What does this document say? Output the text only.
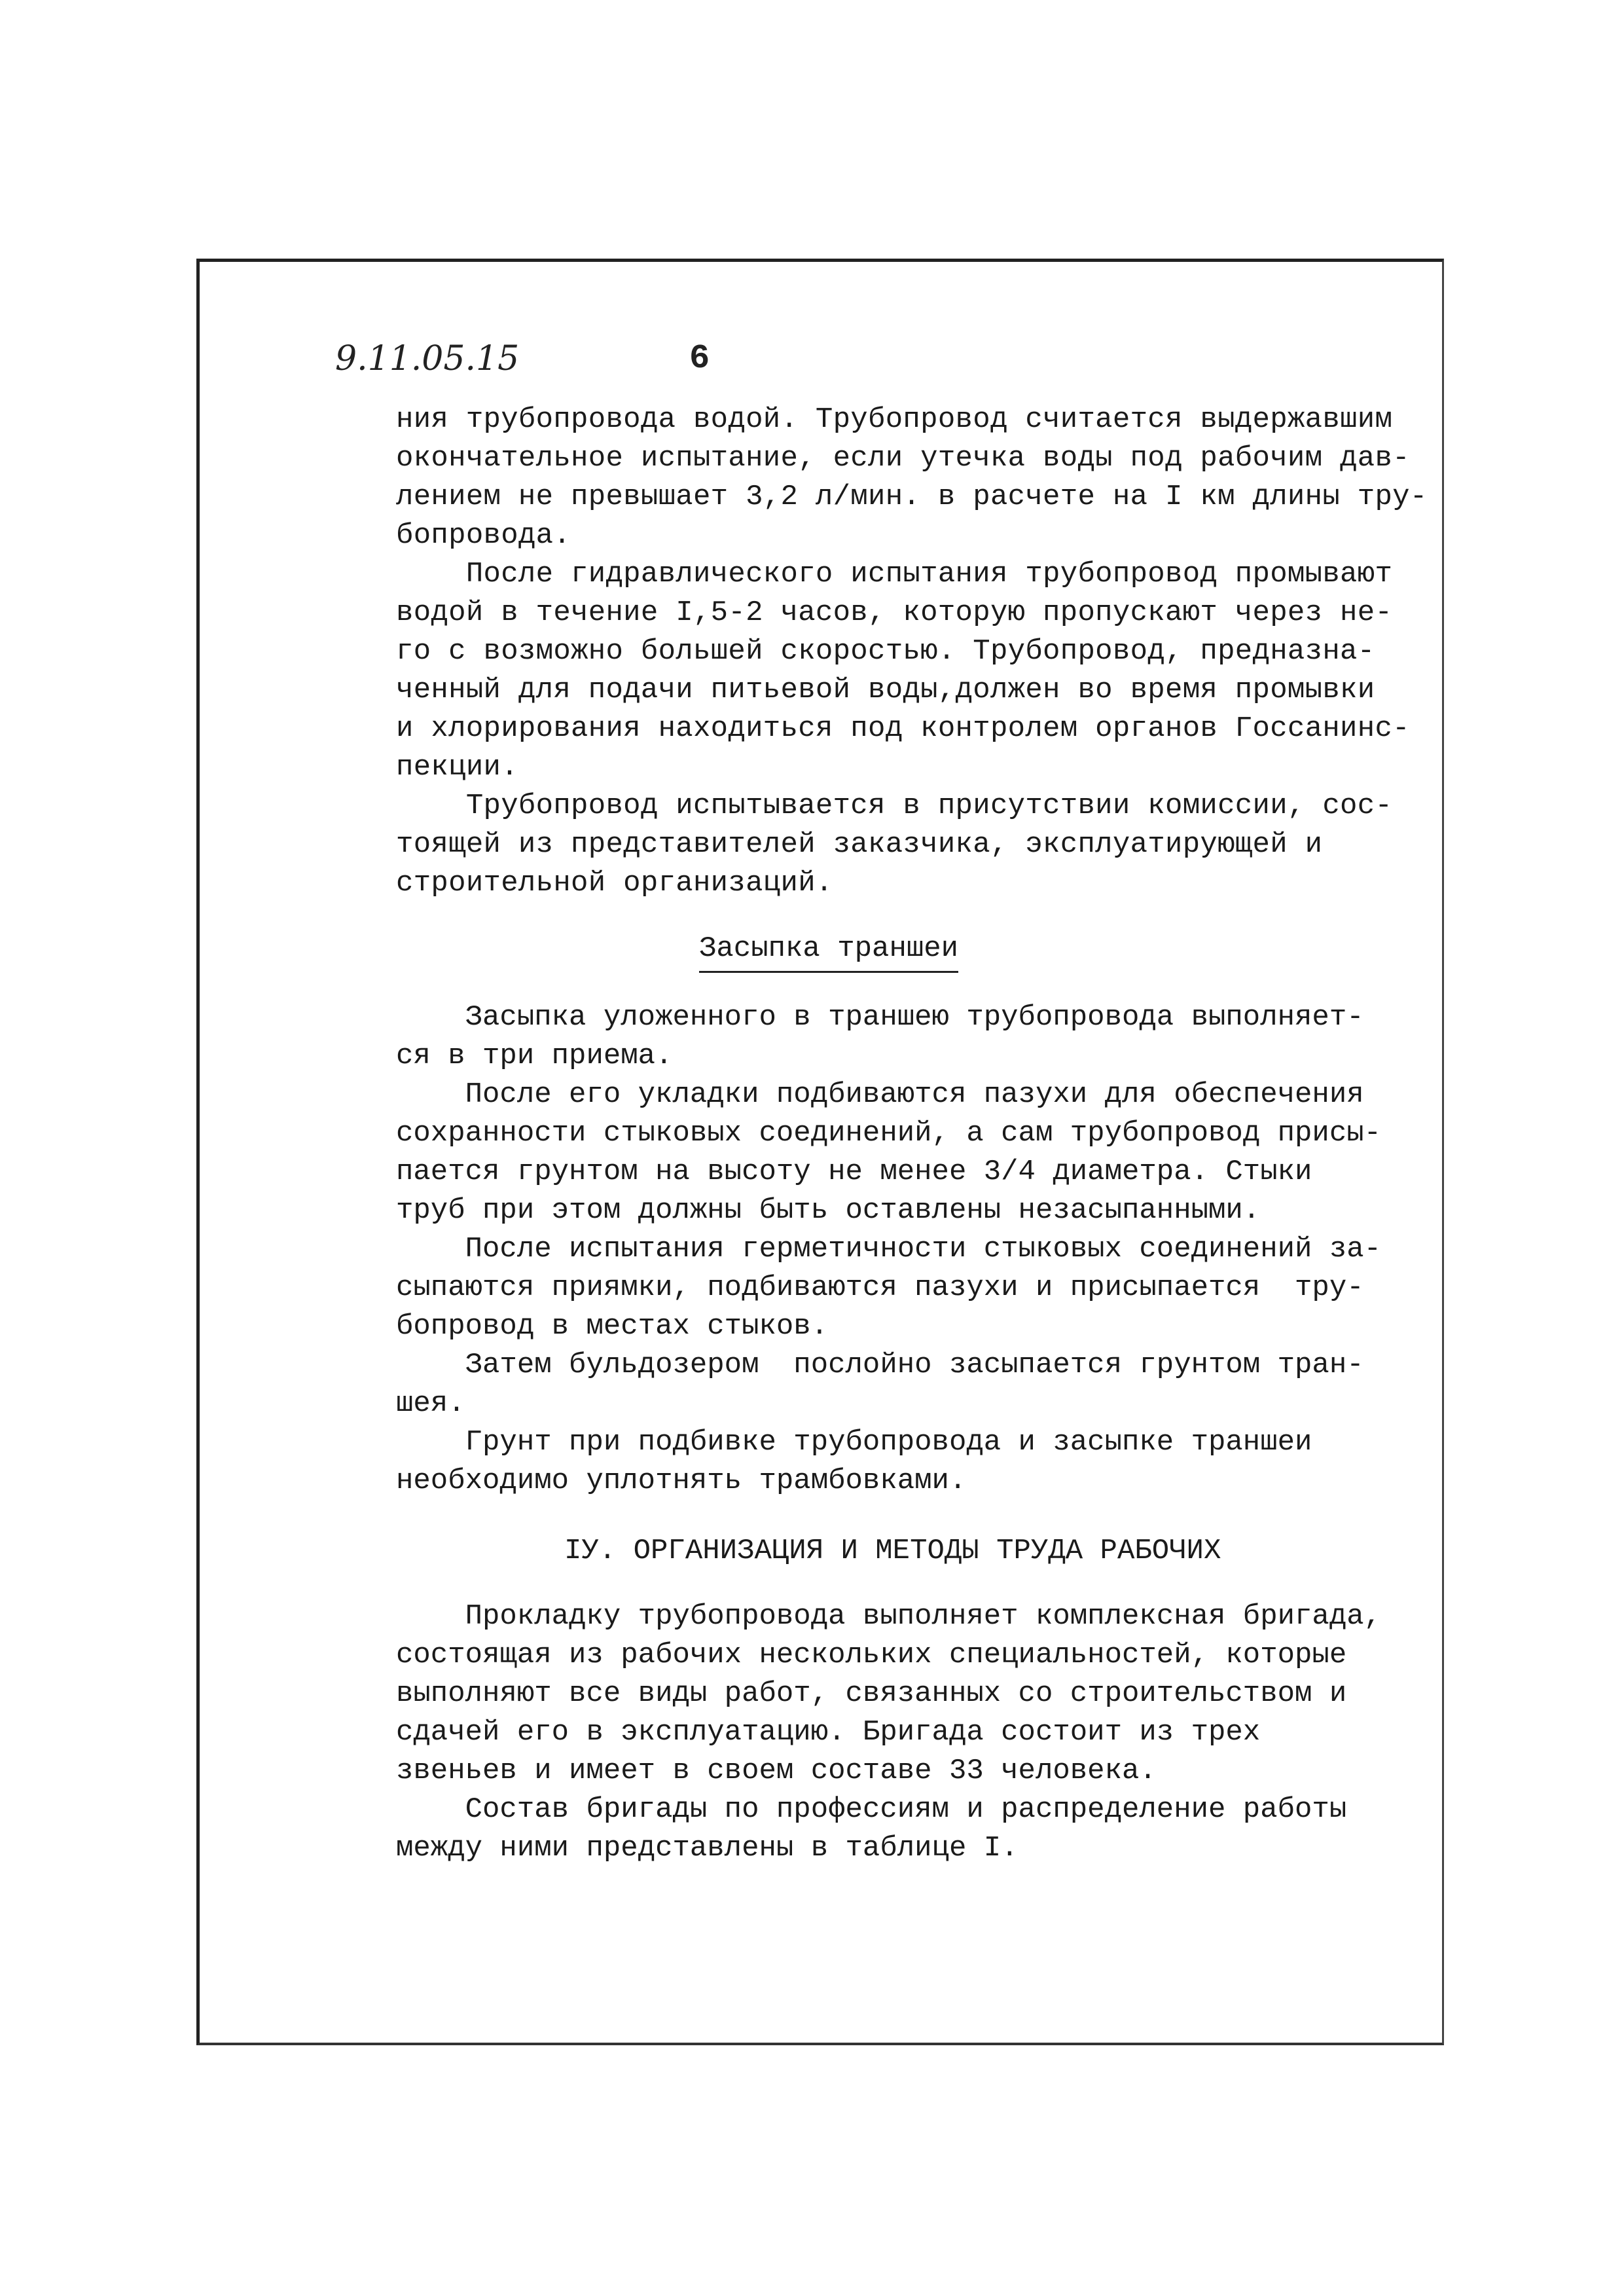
9.11.05.15	6
ния трубопровода водой. Трубопровод считается выдержавшим
окончательное испытание, если утечка воды под рабочим дав-
лением не превышает 3,2 л/мин. в расчете на I км длины тру-
бопровода.
После гидравлического испытания трубопровод промывают
водой в течение I,5-2 часов, которую пропускают через не-
го с возможно большей скоростью. Трубопровод, предназна-
ченный для подачи питьевой воды,должен во время промывки
и хлорирования находиться под контролем органов Госсанинс-
пекции.
Трубопровод испытывается в присутствии комиссии, сос-
тоящей из представителей заказчика, эксплуатирующей и
строительной организаций.
Засыпка траншеи
Засыпка уложенного в траншею трубопровода выполняет-
ся в три приема.
После его укладки подбиваются пазухи для обеспечения
сохранности стыковых соединений, а сам трубопровод присы-
пается грунтом на высоту не менее 3/4 диаметра. Стыки
труб при этом должны быть оставлены незасыпанными.
После испытания герметичности стыковых соединений за-
сыпаются приямки, подбиваются пазухи и присыпается  тру-
бопровод в местах стыков.
Затем бульдозером  послойно засыпается грунтом тран-
шея.
Грунт при подбивке трубопровода и засыпке траншеи
необходимо уплотнять трамбовками.
IУ. ОРГАНИЗАЦИЯ И МЕТОДЫ ТРУДА РАБОЧИХ
Прокладку трубопровода выполняет комплексная бригада,
состоящая из рабочих нескольких специальностей, которые
выполняют все виды работ, связанных со строительством и
сдачей его в эксплуатацию. Бригада состоит из трех
звеньев и имеет в своем составе 33 человека.
Состав бригады по профессиям и распределение работы
между ними представлены в таблице I.
